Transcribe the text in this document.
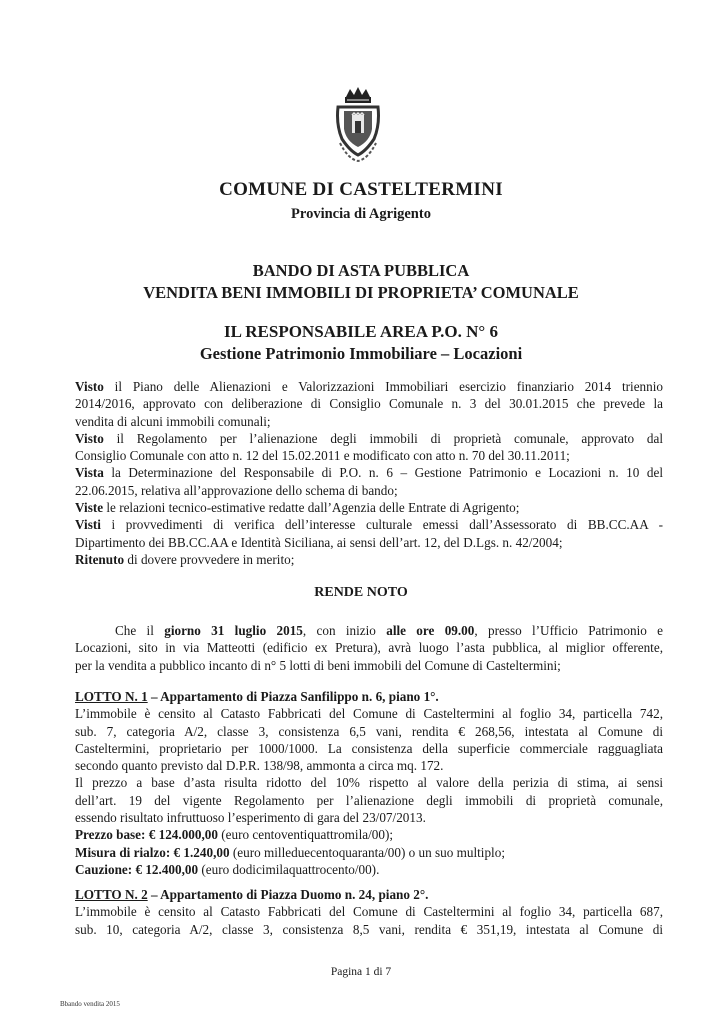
COMUNE DI CASTELTERMINI
Provincia di Agrigento
BANDO DI ASTA PUBBLICA
VENDITA BENI IMMOBILI DI PROPRIETA’ COMUNALE
IL RESPONSABILE AREA P.O. N° 6
Gestione Patrimonio Immobiliare – Locazioni
Visto il Piano delle Alienazioni e Valorizzazioni Immobiliari esercizio finanziario 2014 triennio
2014/2016, approvato con deliberazione di Consiglio Comunale n. 3 del 30.01.2015 che prevede la
vendita di alcuni immobili comunali;
Visto il Regolamento per l’alienazione degli immobili di proprietà comunale, approvato dal
Consiglio Comunale con atto n. 12 del 15.02.2011 e modificato con atto n. 70 del 30.11.2011;
Vista la Determinazione del Responsabile di P.O. n. 6 – Gestione Patrimonio e Locazioni n. 10 del
22.06.2015, relativa all’approvazione dello schema di bando;
Viste le relazioni tecnico-estimative redatte dall’Agenzia delle Entrate di Agrigento;
Visti i provvedimenti di verifica dell’interesse culturale emessi dall’Assessorato di BB.CC.AA -
Dipartimento dei BB.CC.AA e Identità Siciliana, ai sensi dell’art. 12, del D.Lgs. n. 42/2004;
Ritenuto di dovere provvedere in merito;
RENDE NOTO
Che il giorno 31 luglio 2015, con inizio alle ore 09.00, presso l’Ufficio Patrimonio e
Locazioni, sito in via Matteotti (edificio ex Pretura), avrà luogo l’asta pubblica, al miglior offerente,
per la vendita a pubblico incanto di n° 5 lotti di beni immobili del Comune di Casteltermini;
LOTTO N. 1 – Appartamento di Piazza Sanfilippo n. 6, piano 1°.
L’immobile è censito al Catasto Fabbricati del Comune di Casteltermini al foglio 34, particella 742,
sub. 7, categoria A/2, classe 3, consistenza 6,5 vani, rendita € 268,56, intestata al Comune di
Casteltermini, proprietario per 1000/1000. La consistenza della superficie commerciale ragguagliata
secondo quanto previsto dal D.P.R. 138/98, ammonta a circa mq. 172.
Il prezzo a base d’asta risulta ridotto del 10% rispetto al valore della perizia di stima, ai sensi
dell’art. 19 del vigente Regolamento per l’alienazione degli immobili di proprietà comunale,
essendo risultato infruttuoso l’esperimento di gara del 23/07/2013.
Prezzo base: € 124.000,00 (euro centoventiquattromila/00);
Misura di rialzo: € 1.240,00 (euro milleduecentoquaranta/00) o un suo multiplo;
Cauzione: € 12.400,00 (euro dodicimilaquattrocento/00).
LOTTO N. 2 – Appartamento di Piazza Duomo n. 24, piano 2°.
L’immobile è censito al Catasto Fabbricati del Comune di Casteltermini al foglio 34, particella 687,
sub. 10, categoria A/2, classe 3, consistenza 8,5 vani, rendita € 351,19, intestata al Comune di
Pagina 1 di 7
Bbando vendita 2015
